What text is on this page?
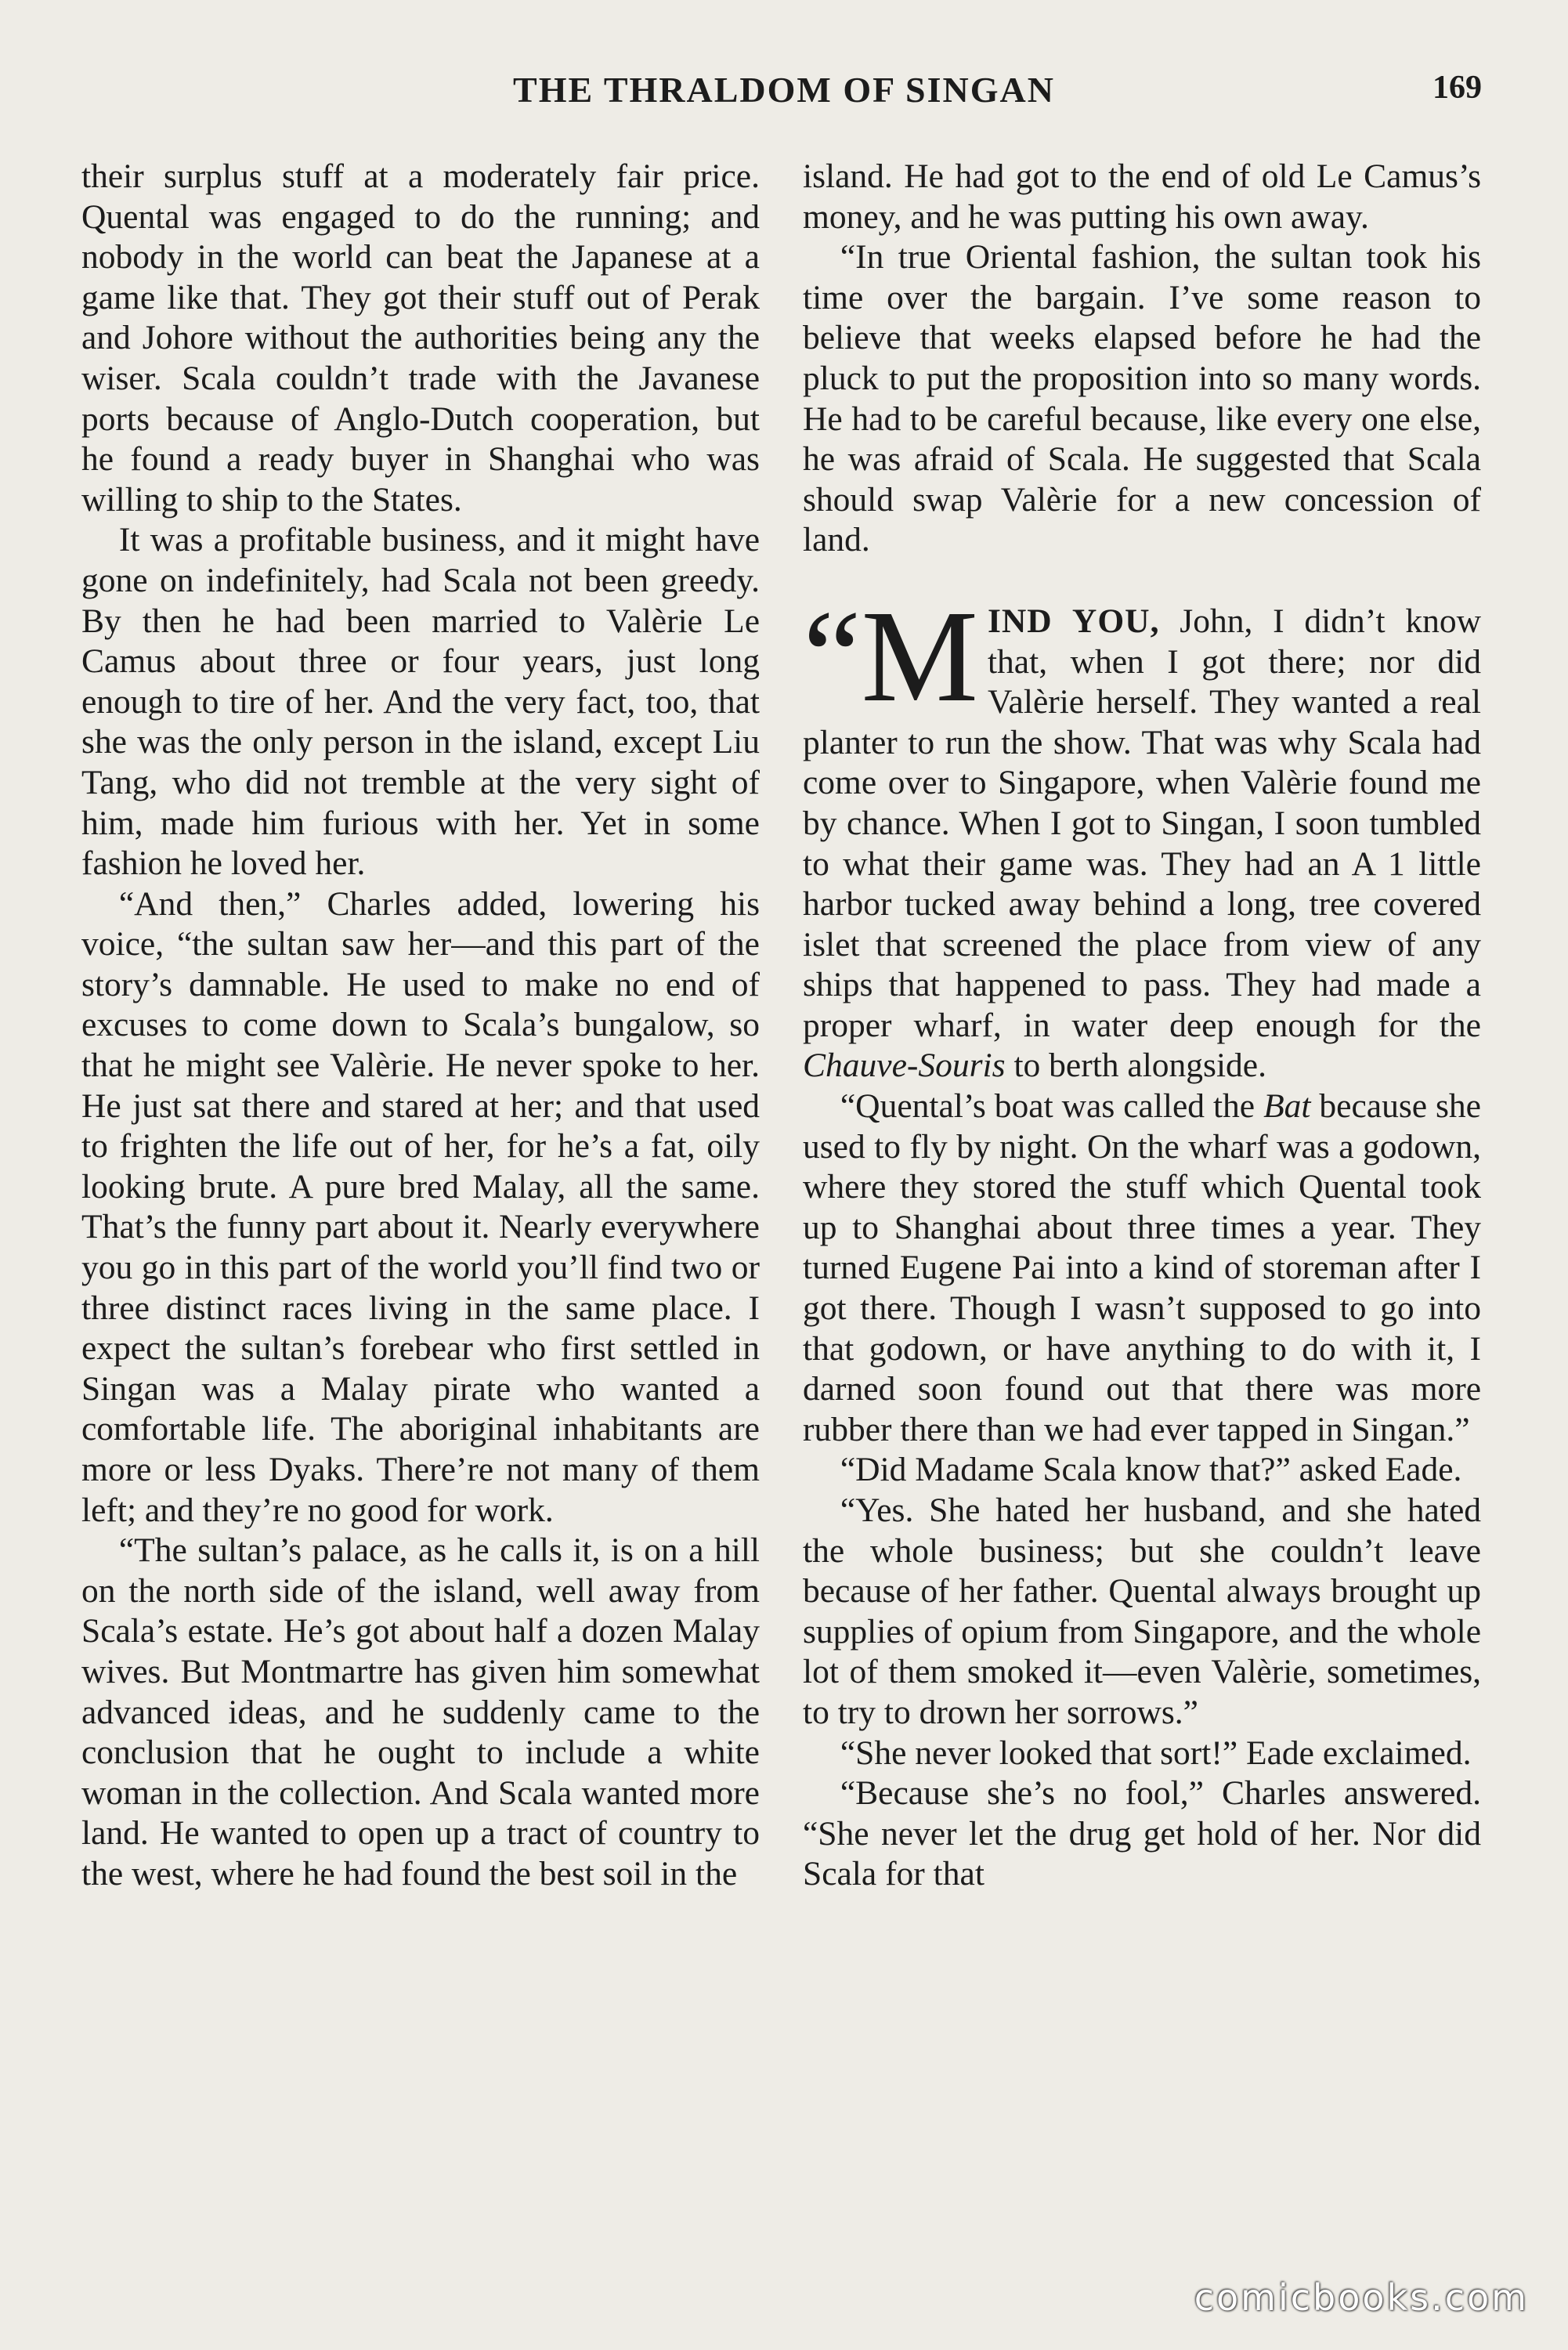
THE THRALDOM OF SINGAN	169

their surplus stuff at a moderately fair price. Quental was engaged to do the running; and nobody in the world can beat the Japanese at a game like that. They got their stuff out of Perak and Johore without the authorities being any the wiser. Scala couldn’t trade with the Javanese ports because of Anglo-Dutch cooperation, but he found a ready buyer in Shanghai who was willing to ship to the States.

It was a profitable business, and it might have gone on indefinitely, had Scala not been greedy. By then he had been married to Valèrie Le Camus about three or four years, just long enough to tire of her. And the very fact, too, that she was the only person in the island, except Liu Tang, who did not tremble at the very sight of him, made him furious with her. Yet in some fashion he loved her.

“And then,” Charles added, lowering his voice, “the sultan saw her—and this part of the story’s damnable. He used to make no end of excuses to come down to Scala’s bungalow, so that he might see Valèrie. He never spoke to her. He just sat there and stared at her; and that used to frighten the life out of her, for he’s a fat, oily looking brute. A pure bred Malay, all the same. That’s the funny part about it. Nearly everywhere you go in this part of the world you’ll find two or three distinct races living in the same place. I expect the sultan’s forebear who first settled in Singan was a Malay pirate who wanted a comfortable life. The aboriginal inhabitants are more or less Dyaks. There’re not many of them left; and they’re no good for work.

“The sultan’s palace, as he calls it, is on a hill on the north side of the island, well away from Scala’s estate. He’s got about half a dozen Malay wives. But Montmartre has given him somewhat advanced ideas, and he suddenly came to the conclusion that he ought to include a white woman in the collection. And Scala wanted more land. He wanted to open up a tract of country to the west, where he had found the best soil in the

island. He had got to the end of old Le Camus’s money, and he was putting his own away.

“In true Oriental fashion, the sultan took his time over the bargain. I’ve some reason to believe that weeks elapsed before he had the pluck to put the proposition into so many words. He had to be careful because, like every one else, he was afraid of Scala. He suggested that Scala should swap Valèrie for a new concession of land.

“M IND YOU, John, I didn’t know that, when I got there; nor did Valèrie herself. They wanted a real planter to run the show. That was why Scala had come over to Singapore, when Valèrie found me by chance. When I got to Singan, I soon tumbled to what their game was. They had an A 1 little harbor tucked away behind a long, tree covered islet that screened the place from view of any ships that happened to pass. They had made a proper wharf, in water deep enough for the Chauve-Souris to berth alongside.

“Quental’s boat was called the Bat because she used to fly by night. On the wharf was a godown, where they stored the stuff which Quental took up to Shanghai about three times a year. They turned Eugene Pai into a kind of storeman after I got there. Though I wasn’t supposed to go into that godown, or have anything to do with it, I darned soon found out that there was more rubber there than we had ever tapped in Singan.”

“Did Madame Scala know that?” asked Eade.

“Yes. She hated her husband, and she hated the whole business; but she couldn’t leave because of her father. Quental always brought up supplies of opium from Singapore, and the whole lot of them smoked it—even Valèrie, sometimes, to try to drown her sorrows.”

“She never looked that sort!” Eade exclaimed.

“Because she’s no fool,” Charles answered. “She never let the drug get hold of her. Nor did Scala for that

comicbooks.com
